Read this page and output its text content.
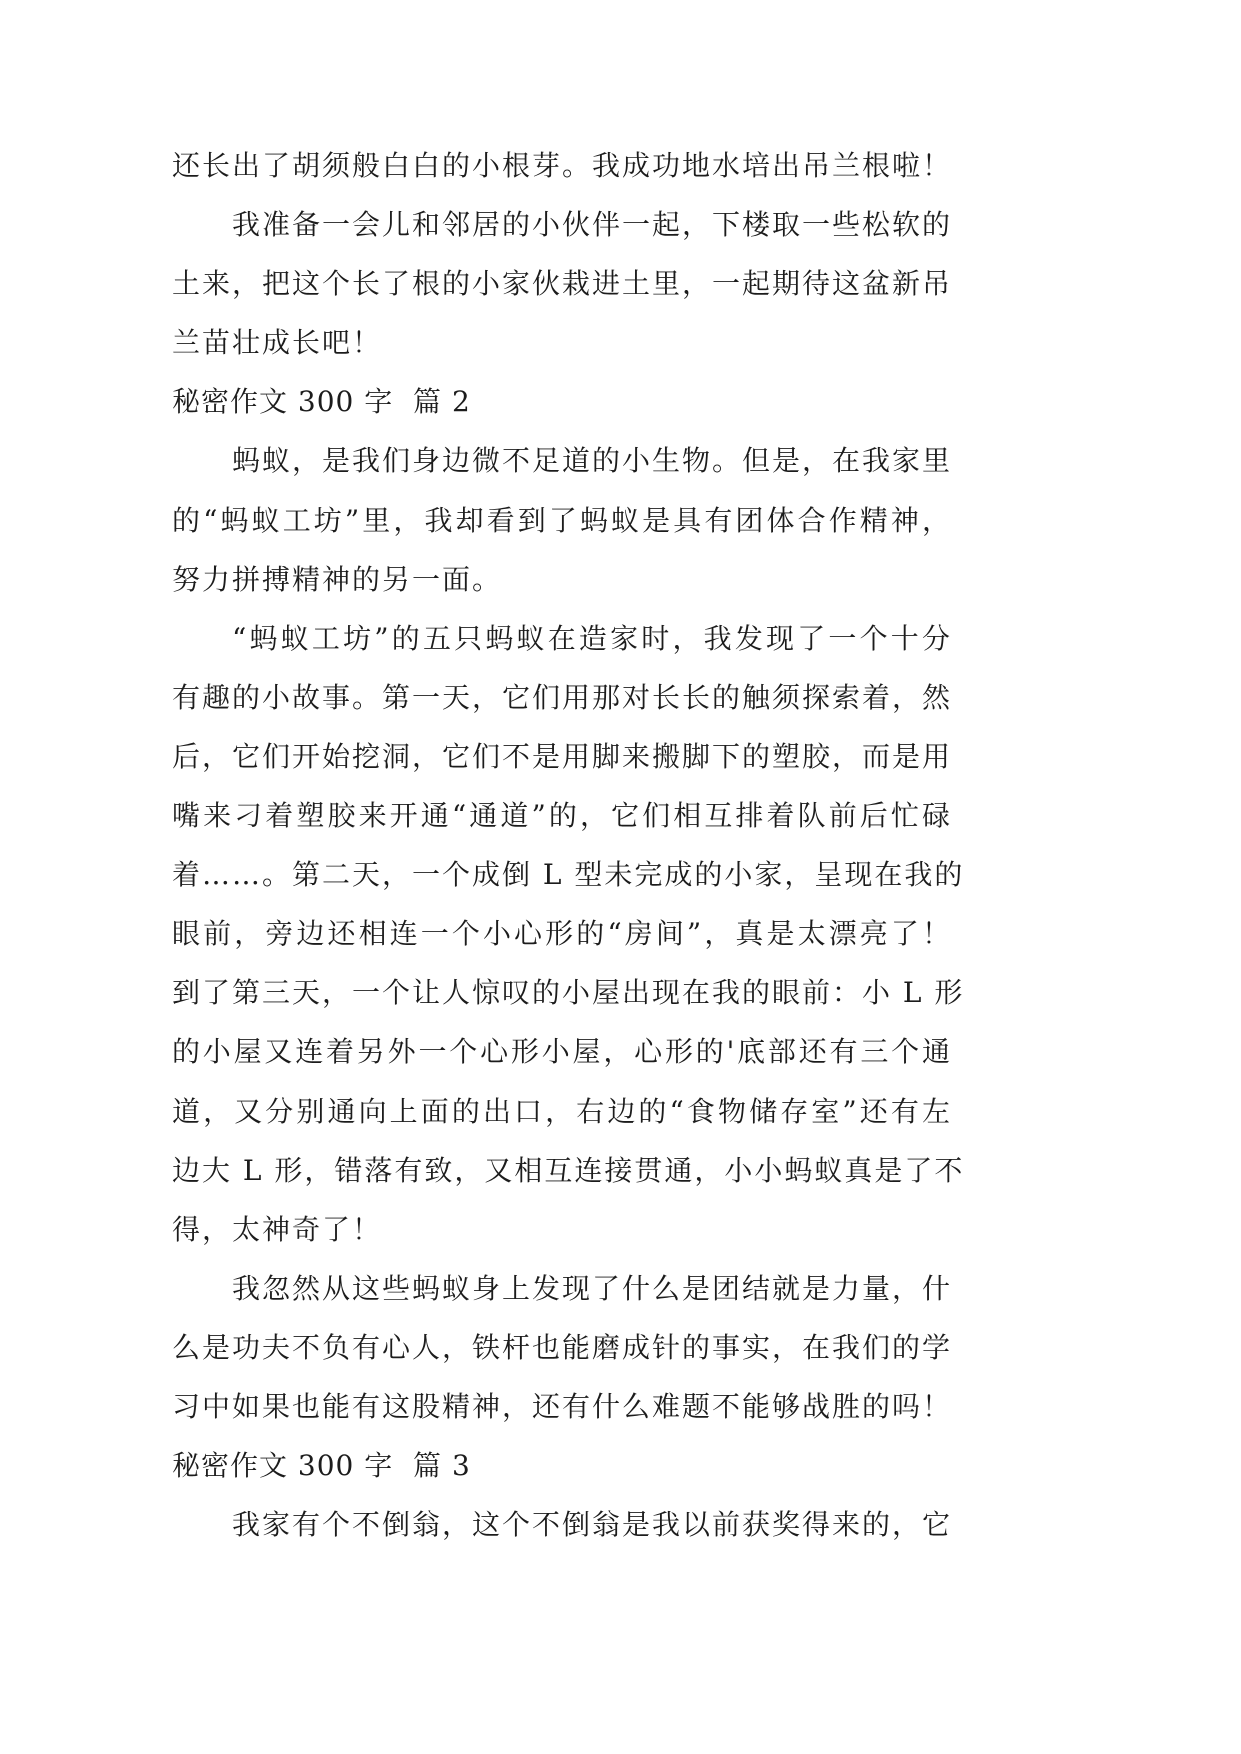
还长出了胡须般白白的小根芽。我成功地水培出吊兰根啦！
我准备一会儿和邻居的小伙伴一起，下楼取一些松软的
土来，把这个长了根的小家伙栽进土里，一起期待这盆新吊
兰苗壮成长吧！
秘密作文 300 字  篇 2
蚂蚁，是我们身边微不足道的小生物。但是，在我家里
的“蚂蚁工坊”里，我却看到了蚂蚁是具有团体合作精神，
努力拼搏精神的另一面。
“蚂蚁工坊”的五只蚂蚁在造家时，我发现了一个十分
有趣的小故事。第一天，它们用那对长长的触须探索着，然
后，它们开始挖洞，它们不是用脚来搬脚下的塑胶，而是用
嘴来刁着塑胶来开通“通道”的，它们相互排着队前后忙碌
着……。第二天，一个成倒 L 型未完成的小家，呈现在我的
眼前，旁边还相连一个小心形的“房间”，真是太漂亮了！
到了第三天，一个让人惊叹的小屋出现在我的眼前：小 L 形
的小屋又连着另外一个心形小屋，心形的'底部还有三个通
道，又分别通向上面的出口，右边的“食物储存室”还有左
边大 L 形，错落有致，又相互连接贯通，小小蚂蚁真是了不
得，太神奇了！
我忽然从这些蚂蚁身上发现了什么是团结就是力量，什
么是功夫不负有心人，铁杆也能磨成针的事实，在我们的学
习中如果也能有这股精神，还有什么难题不能够战胜的吗！
秘密作文 300 字  篇 3
我家有个不倒翁，这个不倒翁是我以前获奖得来的，它
